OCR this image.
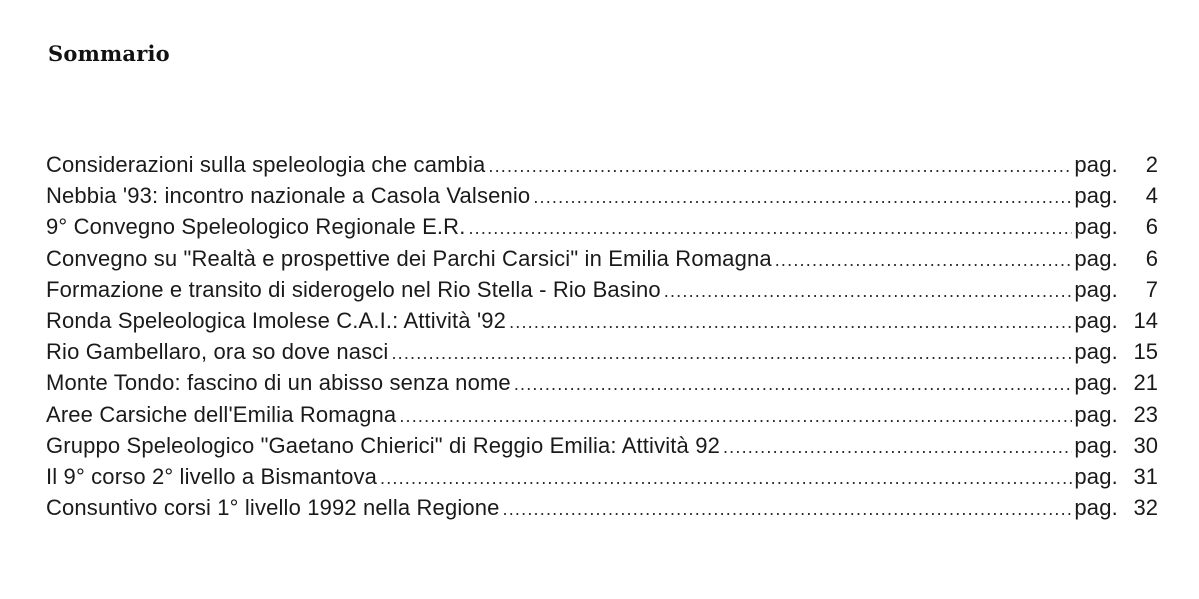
Sommario
Considerazioni sulla speleologia che cambia .....	pag.	2
Nebbia '93: incontro nazionale a Casola Valsenio .....	pag.	4
9° Convegno Speleologico Regionale E.R. .....	pag.	6
Convegno su "Realtà e prospettive dei Parchi Carsici" in Emilia Romagna .....	pag.	6
Formazione e transito di siderogelo nel Rio Stella - Rio Basino .....	pag.	7
Ronda Speleologica Imolese C.A.I.: Attività '92 .....	pag. 14
Rio Gambellaro, ora so dove nasci .....	pag. 15
Monte Tondo: fascino di un abisso senza nome .....	pag. 21
Aree Carsiche dell'Emilia Romagna .....	pag. 23
Gruppo Speleologico "Gaetano Chierici" di Reggio Emilia: Attività 92 .....	pag. 30
Il 9° corso 2° livello a Bismantova .....	pag. 31
Consuntivo corsi 1° livello 1992 nella Regione .....	pag. 32
